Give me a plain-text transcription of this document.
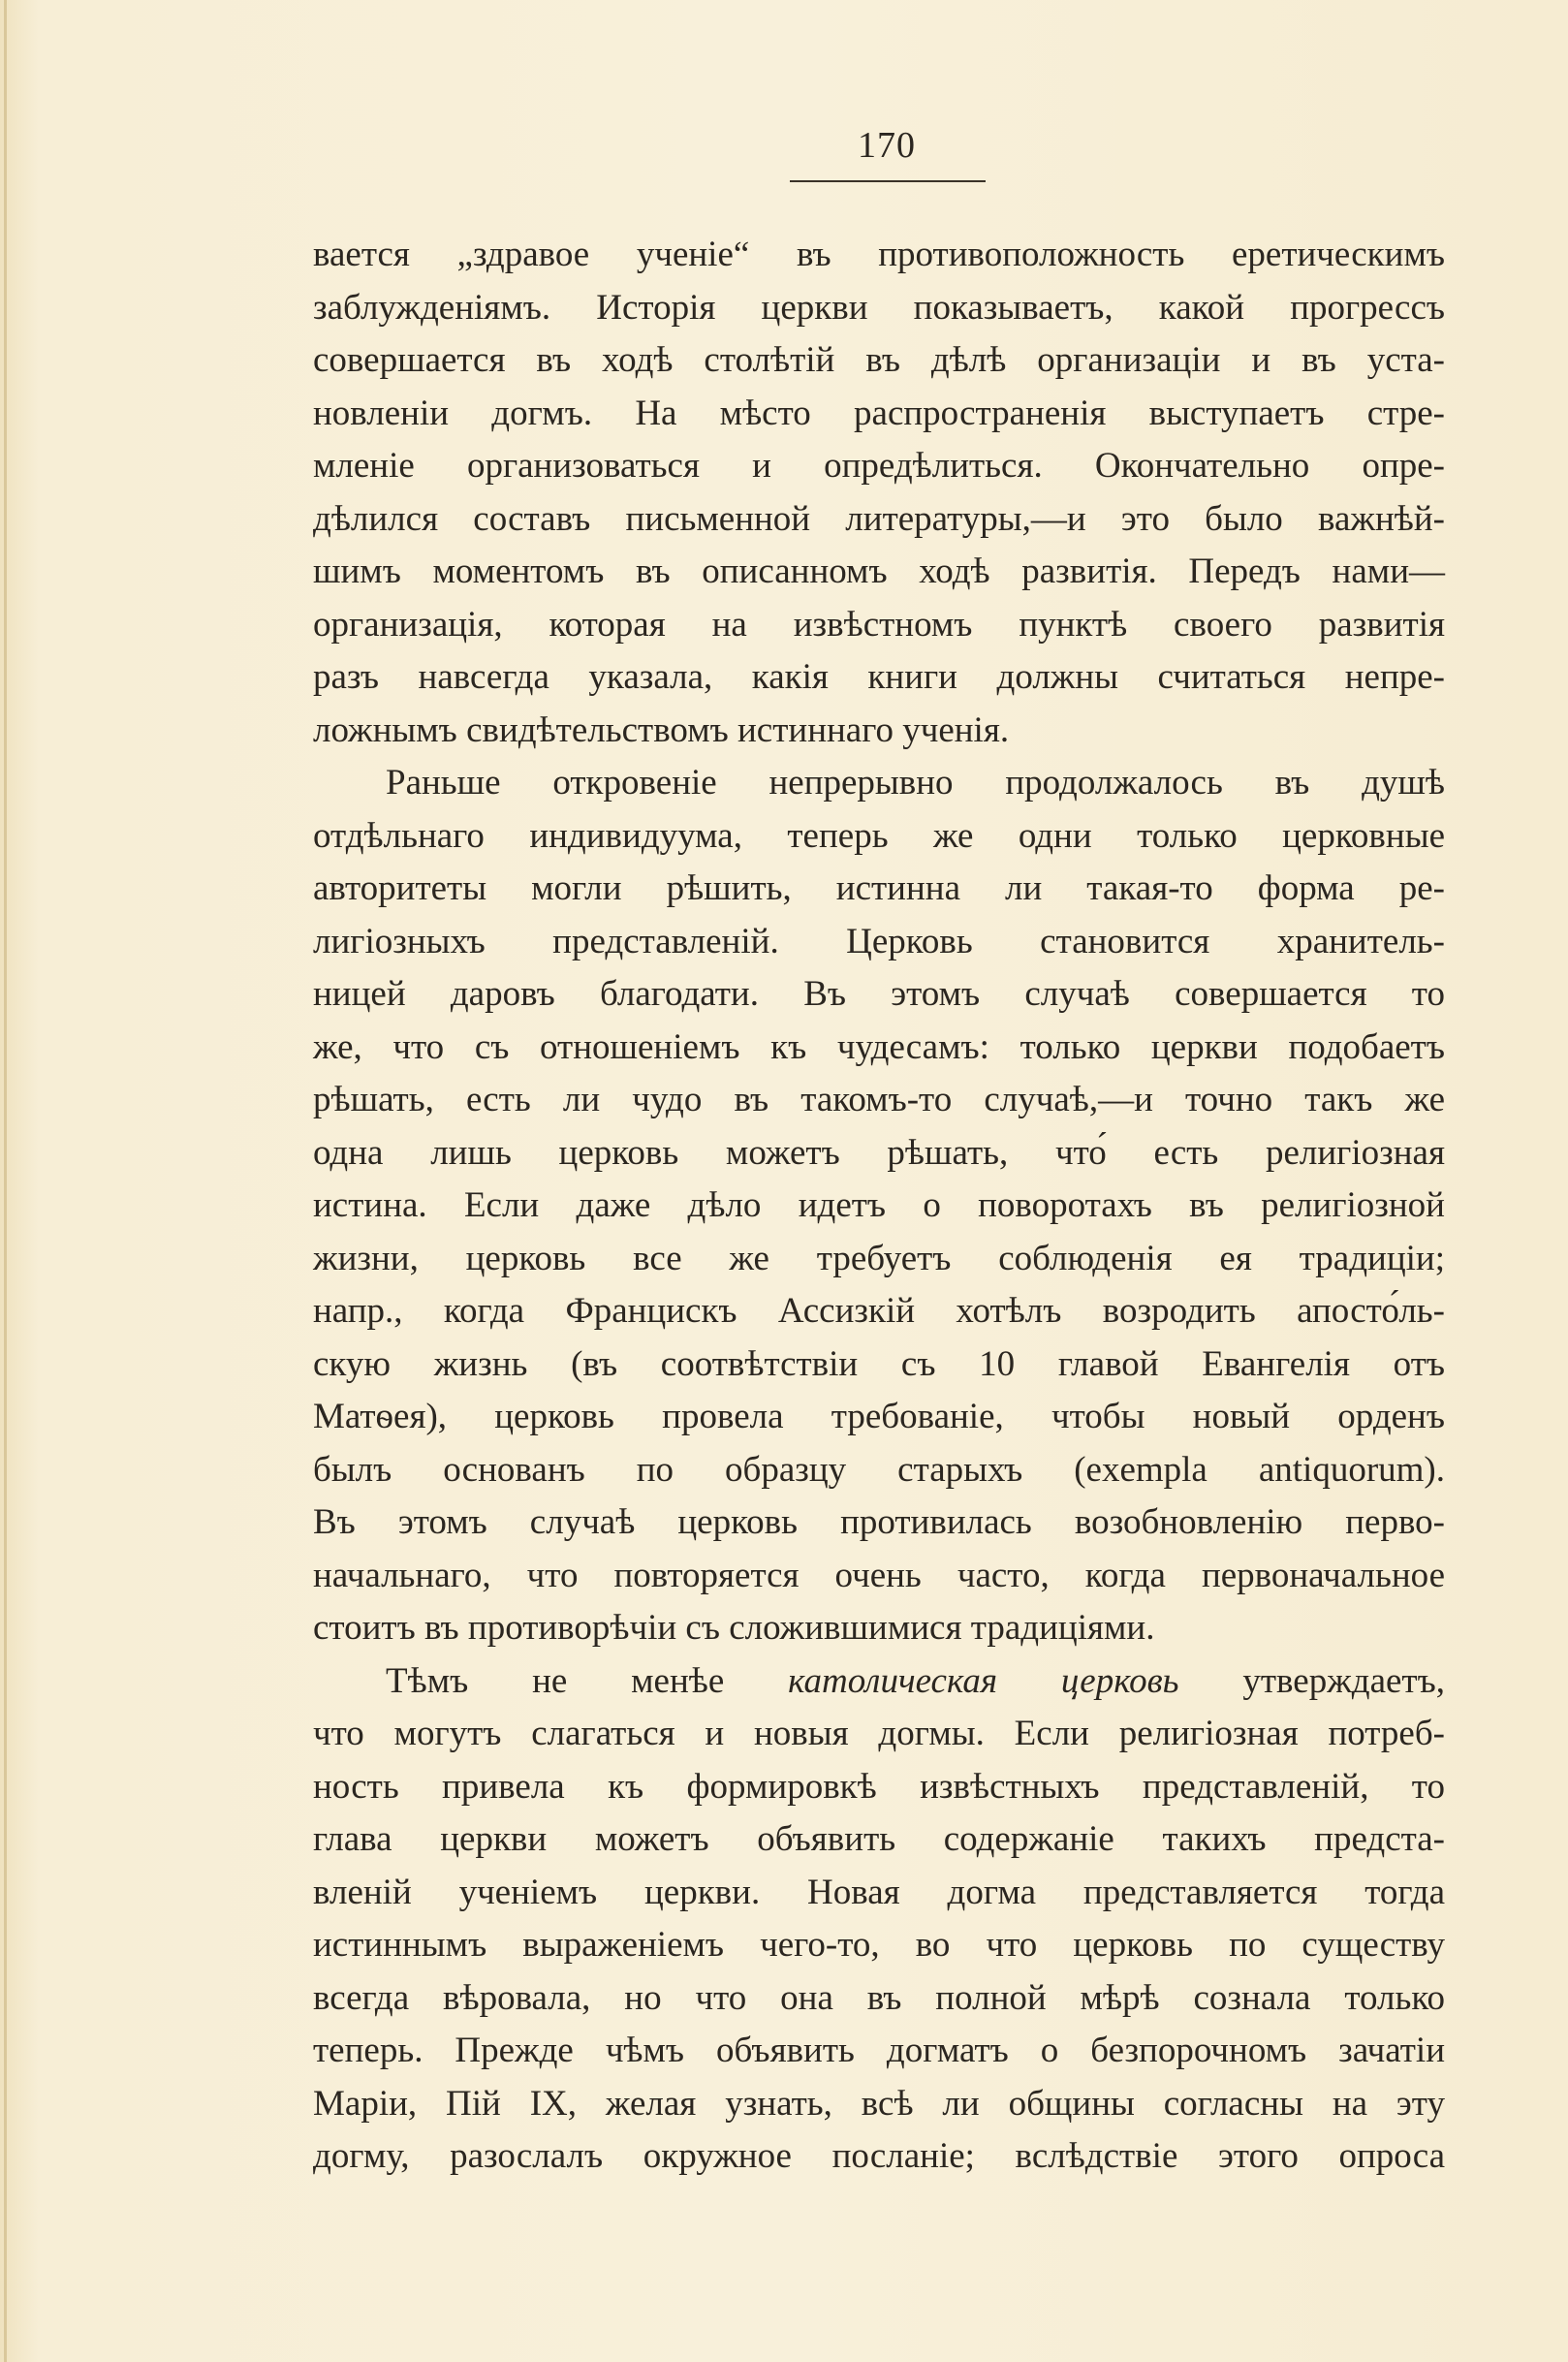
170
вается „здравое ученіе“ въ противоположность еретическимъ
заблужденіямъ. Исторія церкви показываетъ, какой прогрессъ
совершается въ ходѣ столѣтій въ дѣлѣ организаціи и въ уста-
новленіи догмъ. На мѣсто распространенія выступаетъ стре-
мленіе организоваться и опредѣлиться. Окончательно опре-
дѣлился составъ письменной литературы,—и это было важнѣй-
шимъ моментомъ въ описанномъ ходѣ развитія. Передъ нами—
организація, которая на извѣстномъ пунктѣ своего развитія
разъ навсегда указала, какія книги должны считаться непре-
ложнымъ свидѣтельствомъ истиннаго ученія.
Раньше откровеніе непрерывно продолжалось въ душѣ
отдѣльнаго индивидуума, теперь же одни только церковные
авторитеты могли рѣшить, истинна ли такая-то форма ре-
лигіозныхъ представленій. Церковь становится хранитель-
ницей даровъ благодати. Въ этомъ случаѣ совершается то
же, что съ отношеніемъ къ чудесамъ: только церкви подобаетъ
рѣшать, есть ли чудо въ такомъ-то случаѣ,—и точно такъ же
одна лишь церковь можетъ рѣшать, что́ есть религіозная
истина. Если даже дѣло идетъ о поворотахъ въ религіозной
жизни, церковь все же требуетъ соблюденія ея традиціи;
напр., когда Францискъ Ассизкій хотѣлъ возродить апосто́ль-
скую жизнь (въ соотвѣтствіи съ 10 главой Евангелія отъ
Матѳея), церковь провела требованіе, чтобы новый орденъ
былъ основанъ по образцу старыхъ (exempla antiquorum).
Въ этомъ случаѣ церковь противилась возобновленію перво-
начальнаго, что повторяется очень часто, когда первоначальное
стоитъ въ противорѣчіи съ сложившимися традиціями.
Тѣмъ не менѣе католическая церковь утверждаетъ,
что могутъ слагаться и новыя догмы. Если религіозная потреб-
ность привела къ формировкѣ извѣстныхъ представленій, то
глава церкви можетъ объявить содержаніе такихъ предста-
вленій ученіемъ церкви. Новая догма представляется тогда
истиннымъ выраженіемъ чего-то, во что церковь по существу
всегда вѣровала, но что она въ полной мѣрѣ сознала только
теперь. Прежде чѣмъ объявить догматъ о безпорочномъ зачатіи
Маріи, Пій IX, желая узнать, всѣ ли общины согласны на эту
догму, разослалъ окружное посланіе; вслѣдствіе этого опроса
